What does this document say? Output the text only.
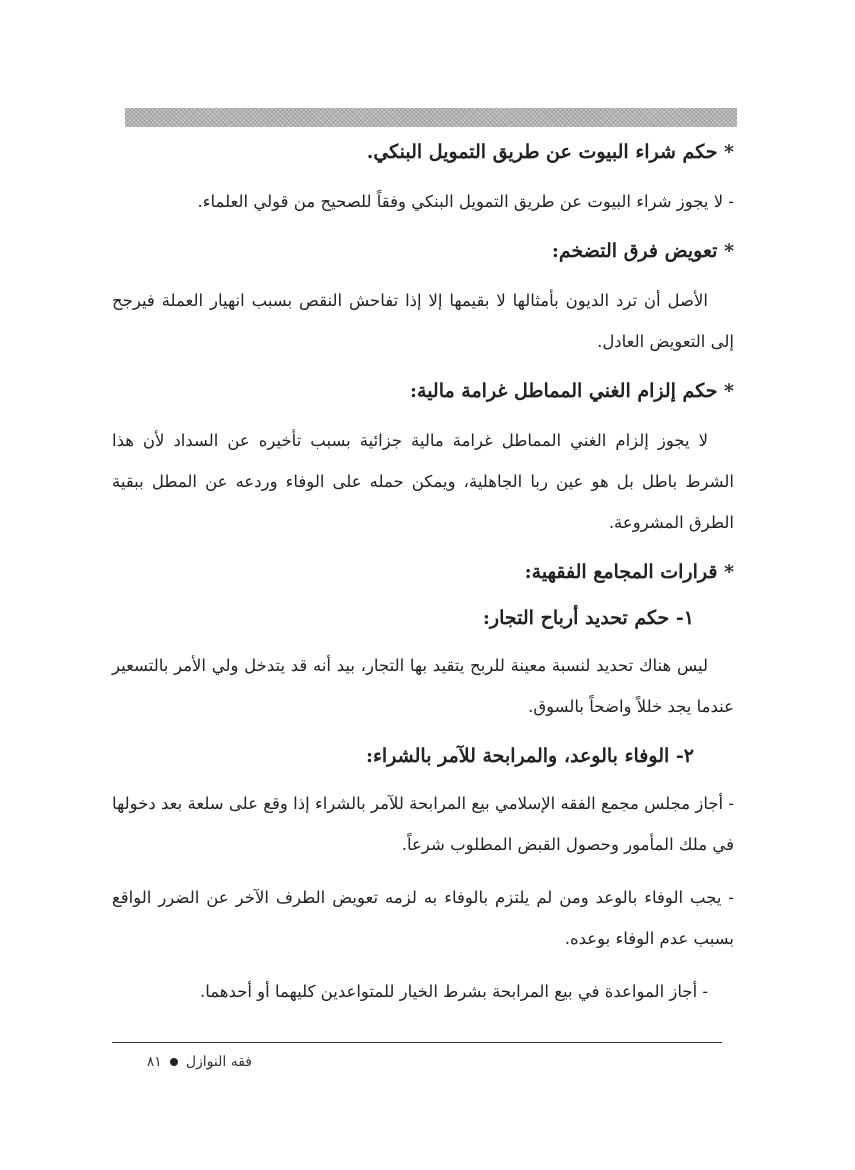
* حكم شراء البيوت عن طريق التمويل البنكي.
- لا يجوز شراء البيوت عن طريق التمويل البنكي وفقاً للصحيح من قولي العلماء.
* تعويض فرق التضخم:
الأصل أن ترد الديون بأمثالها لا بقيمها إلا إذا تفاحش النقص بسبب انهيار العملة فيرجح إلى التعويض العادل.
* حكم إلزام الغني المماطل غرامة مالية:
لا يجوز إلزام الغني المماطل غرامة مالية جزائية بسبب تأخيره عن السداد لأن هذا الشرط باطل بل هو عين ربا الجاهلية، ويمكن حمله على الوفاء وردعه عن المطل ببقية الطرق المشروعة.
* قرارات المجامع الفقهية:
١- حكم تحديد أرباح التجار:
ليس هناك تحديد لنسبة معينة للربح يتقيد بها التجار، بيد أنه قد يتدخل ولي الأمر بالتسعير عندما يجد خللاً واضحاً بالسوق.
٢- الوفاء بالوعد، والمرابحة للآمر بالشراء:
- أجاز مجلس مجمع الفقه الإسلامي بيع المرابحة للآمر بالشراء إذا وقع على سلعة بعد دخولها في ملك المأمور وحصول القبض المطلوب شرعاً.
- يجب الوفاء بالوعد ومن لم يلتزم بالوفاء به لزمه تعويض الطرف الآخر عن الضرر الواقع بسبب عدم الوفاء بوعده.
- أجاز المواعدة في بيع المرابحة بشرط الخيار للمتواعدين كليهما أو أحدهما.
فقه النوازل
٨١
